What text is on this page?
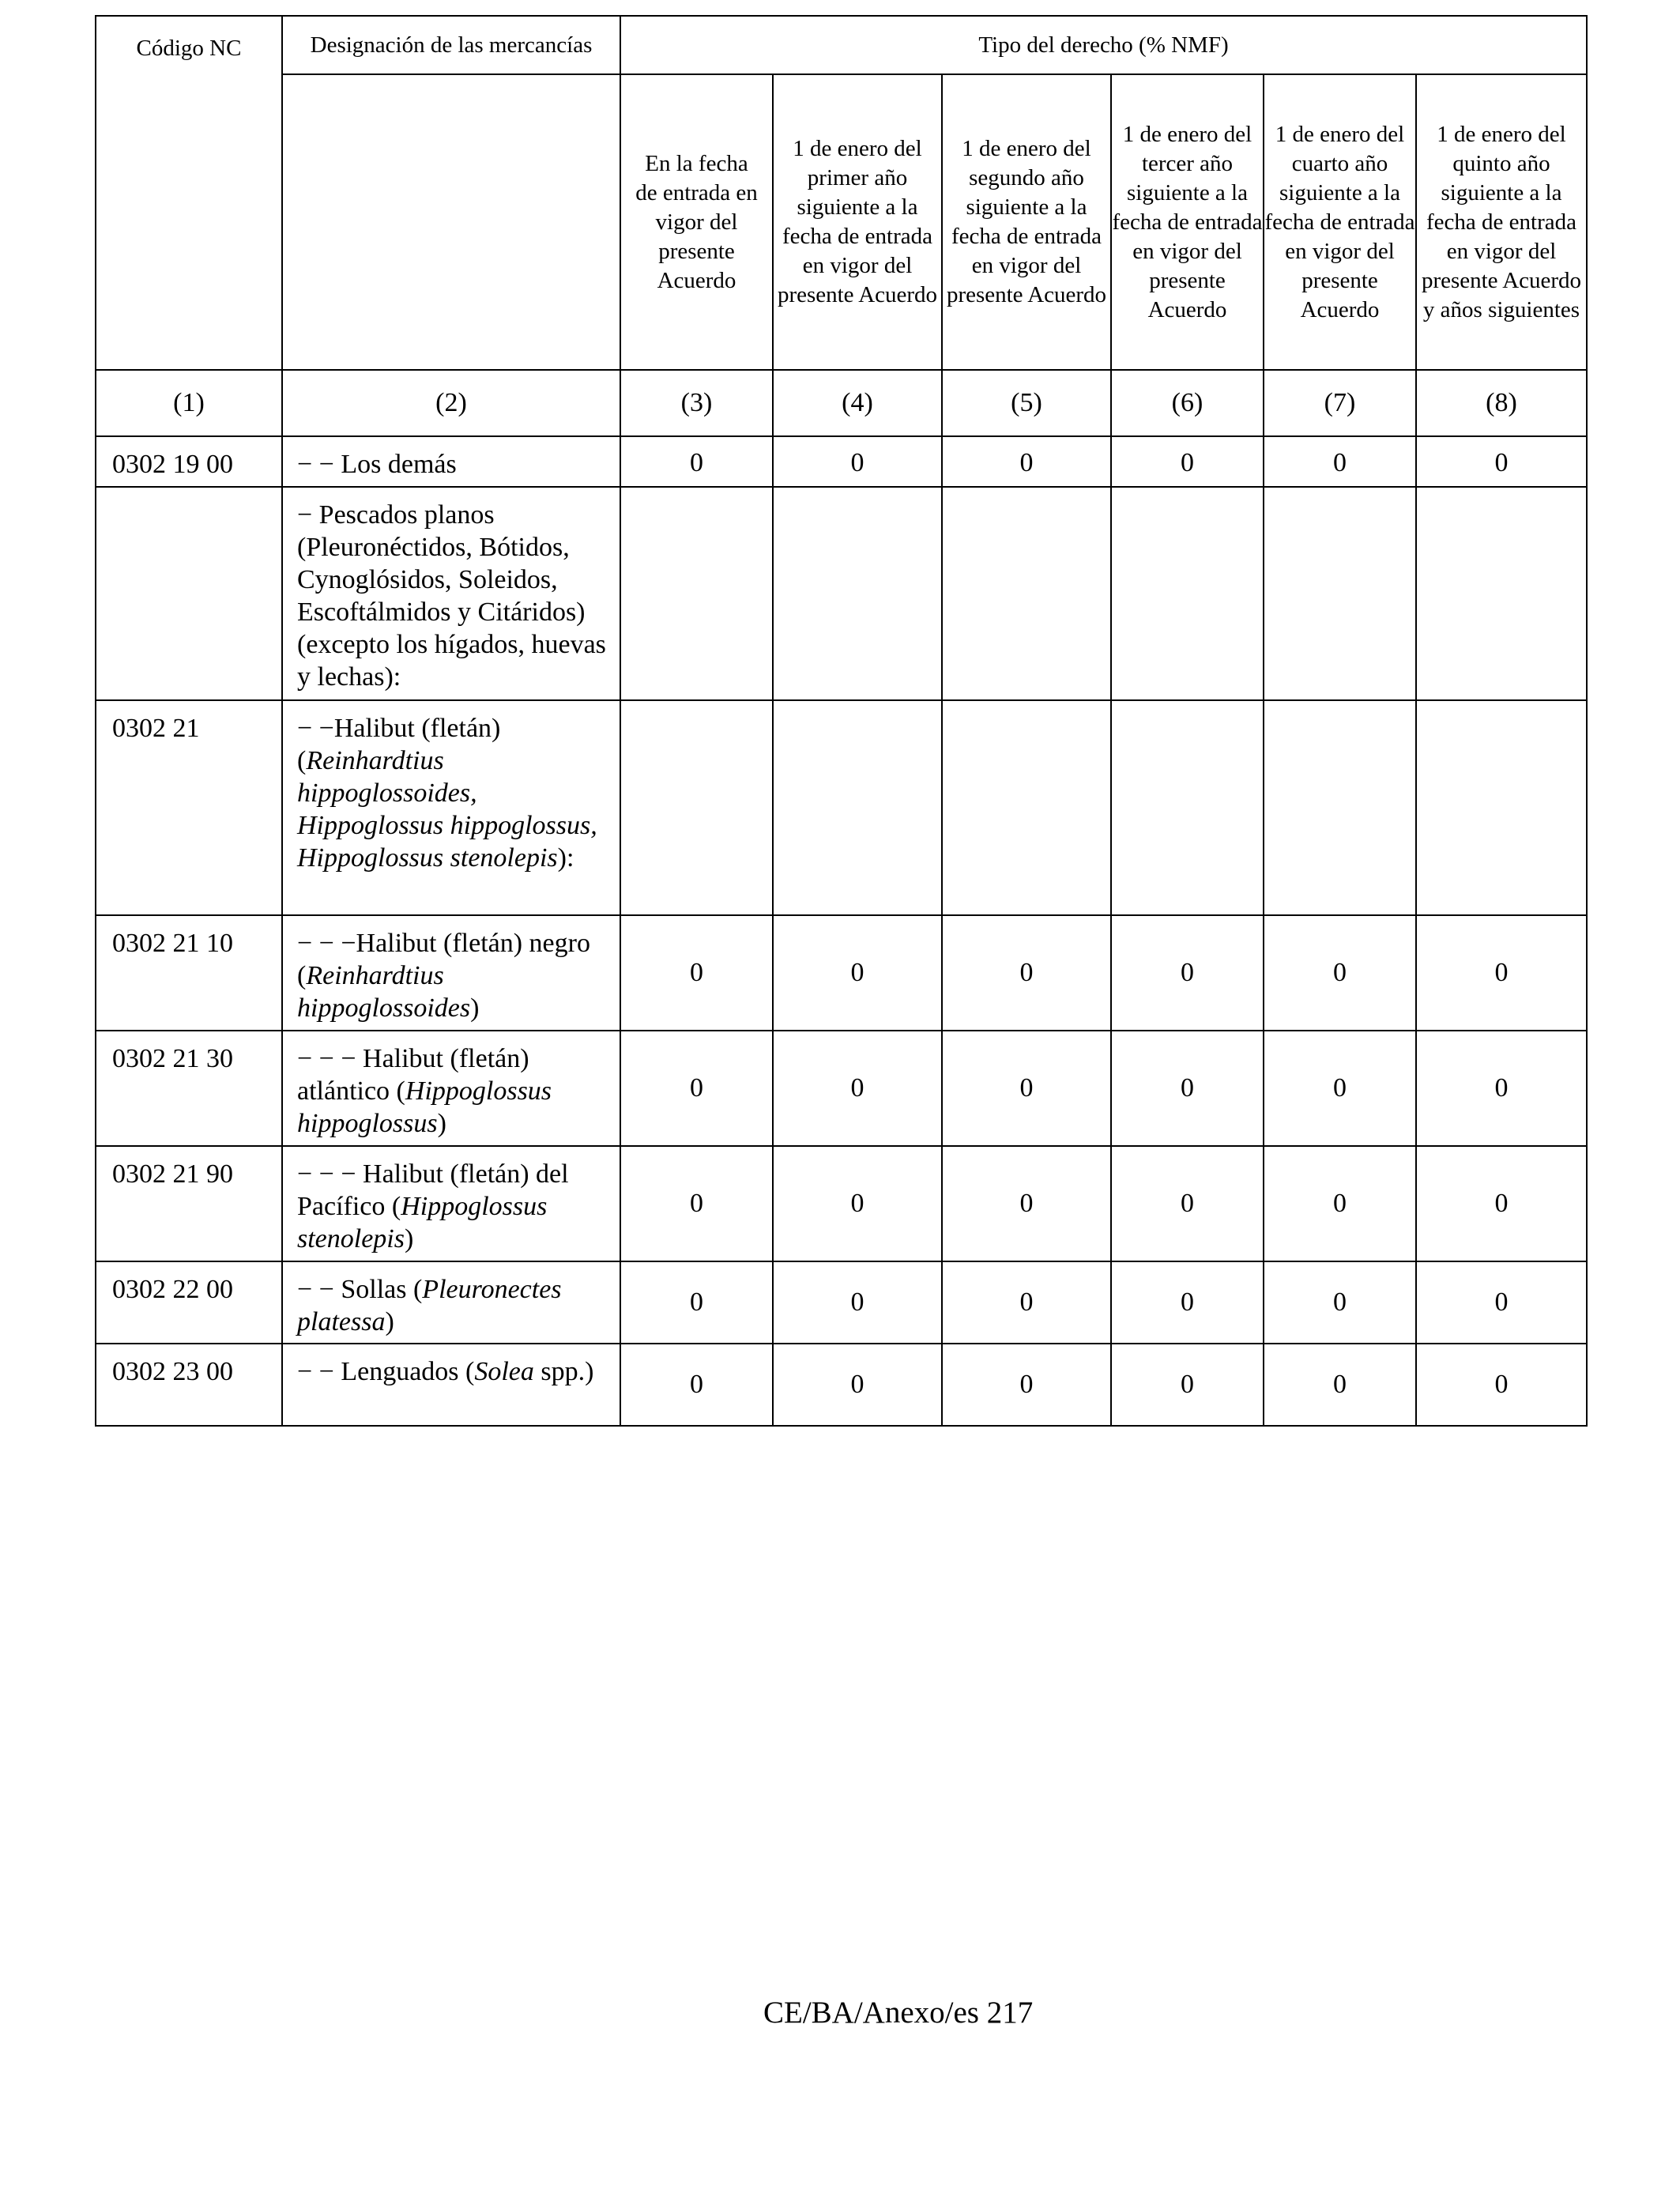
Código NC	Designación de las mercancías	Tipo del derecho (% NMF)					
		En la fecha de entrada en vigor del presente Acuerdo	1 de enero del primer año siguiente a la fecha de entrada en vigor del presente Acuerdo	1 de enero del segundo año siguiente a la fecha de entrada en vigor del presente Acuerdo	1 de enero del tercer año siguiente a la fecha de entrada en vigor del presente Acuerdo	1 de enero del cuarto año siguiente a la fecha de entrada en vigor del presente Acuerdo	1 de enero del quinto año siguiente a la fecha de entrada en vigor del presente Acuerdo y años siguientes
(1)	(2)	(3)	(4)	(5)	(6)	(7)	(8)
0302 19 00	− − Los demás	0	0	0	0	0	0
	− Pescados planos (Pleuronéctidos, Bótidos, Cynoglósidos, Soleidos, Escoftálmidos y Citáridos) (excepto los hígados, huevas y lechas):						
0302 21	− −Halibut (fletán) (Reinhardtius hippoglossoides, Hippoglossus hippoglossus, Hippoglossus stenolepis):						
0302 21 10	− − −Halibut (fletán) negro (Reinhardtius hippoglossoides)	0	0	0	0	0	0
0302 21 30	− − − Halibut (fletán) atlántico (Hippoglossus hippoglossus)	0	0	0	0	0	0
0302 21 90	− − − Halibut (fletán) del Pacífico (Hippoglossus stenolepis)	0	0	0	0	0	0
0302 22 00	− − Sollas (Pleuronectes platessa)	0	0	0	0	0	0
0302 23 00	− − Lenguados (Solea spp.)	0	0	0	0	0	0
CE/BA/Anexo/es 217
